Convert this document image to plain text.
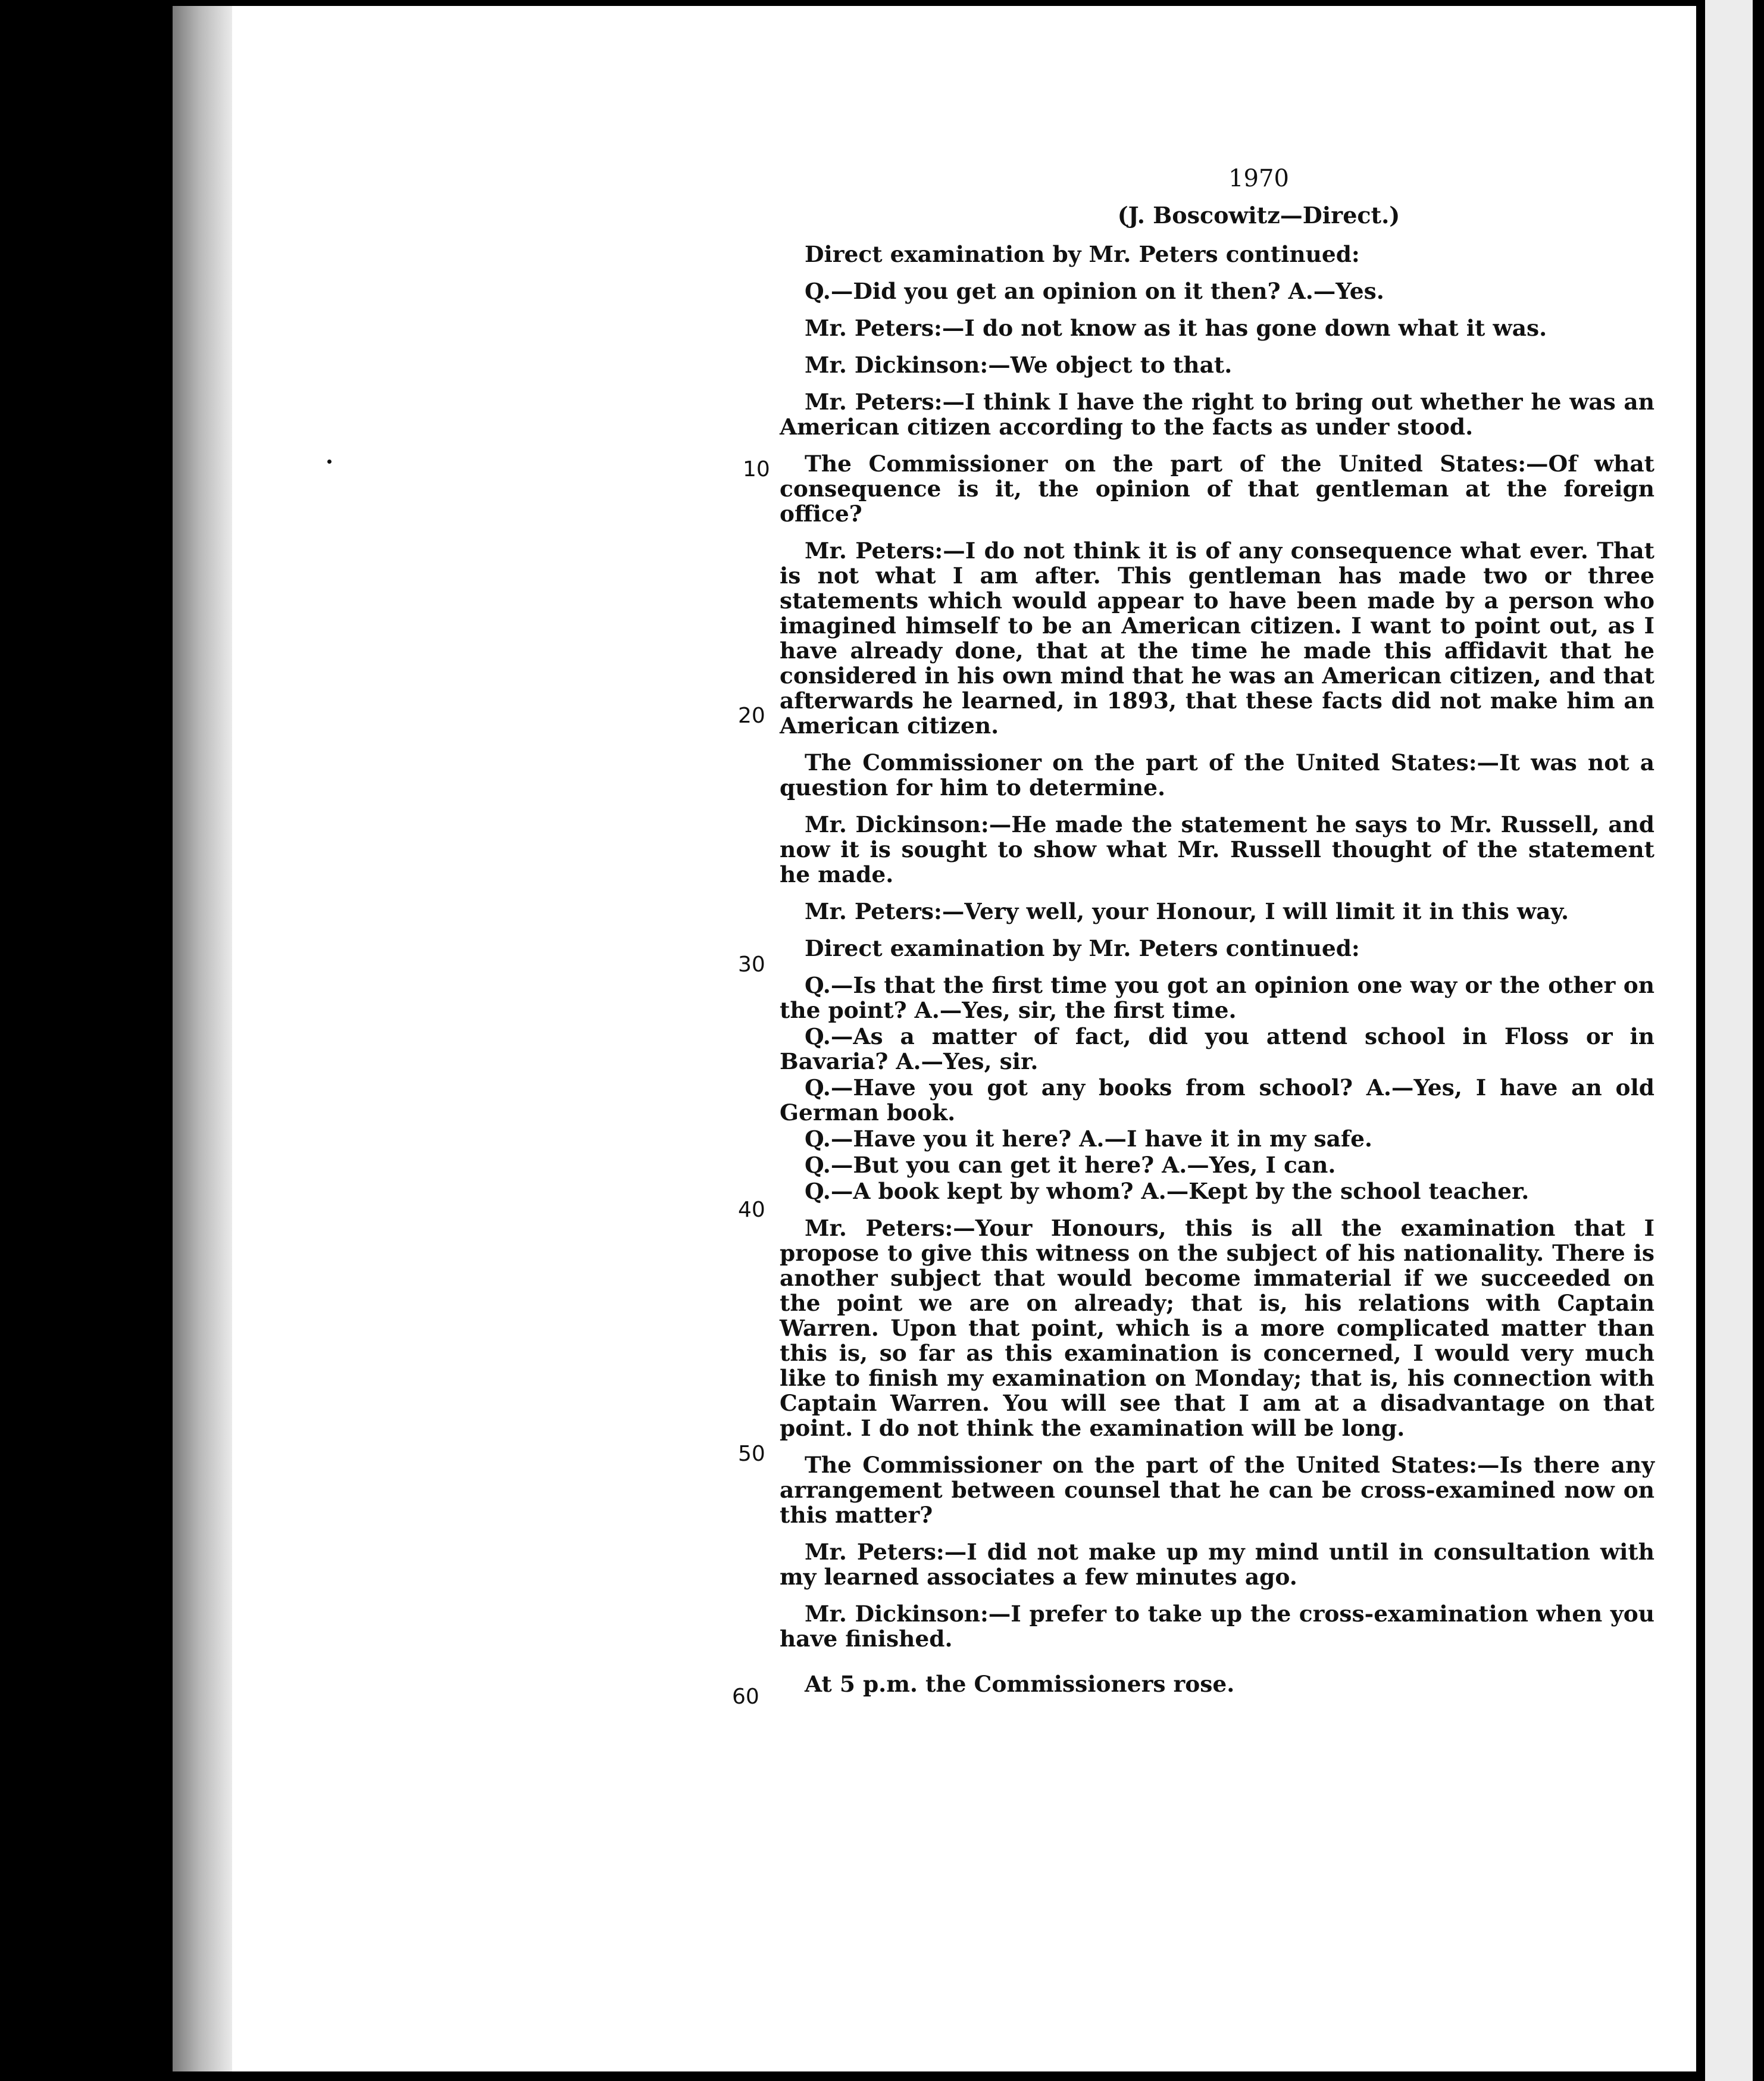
1970
(J. Boscowitz—Direct.)

Direct examination by Mr. Peters continued:

Q.—Did you get an opinion on it then? A.—Yes.

Mr. Peters:—I do not know as it has gone down what it was.

Mr. Dickinson:—We object to that.

Mr. Peters:—I think I have the right to bring out whether he was an American citizen according to the facts as under stood.

The Commissioner on the part of the United States:—Of what consequence is it, the opinion of that gentleman at the foreign office?

Mr. Peters:—I do not think it is of any consequence what ever. That is not what I am after. This gentleman has made two or three statements which would appear to have been made by a person who imagined himself to be an American citizen. I want to point out, as I have already done, that at the time he made this affidavit that he considered in his own mind that he was an American citizen, and that afterwards he learned, in 1893, that these facts did not make him an American citizen.

The Commissioner on the part of the United States:—It was not a question for him to determine.

Mr. Dickinson:—He made the statement he says to Mr. Russell, and now it is sought to show what Mr. Russell thought of the statement he made.

Mr. Peters:—Very well, your Honour, I will limit it in this way.

Direct examination by Mr. Peters continued:

Q.—Is that the first time you got an opinion one way or the other on the point? A.—Yes, sir, the first time.

Q.—As a matter of fact, did you attend school in Floss or in Bavaria? A.—Yes, sir.

Q.—Have you got any books from school? A.—Yes, I have an old German book.

Q.—Have you it here? A.—I have it in my safe.

Q.—But you can get it here? A.—Yes, I can.

Q.—A book kept by whom? A.—Kept by the school teacher.

Mr. Peters:—Your Honours, this is all the examination that I propose to give this witness on the subject of his nationality. There is another subject that would become immaterial if we succeeded on the point we are on already; that is, his relations with Captain Warren. Upon that point, which is a more complicated matter than this is, so far as this examination is concerned, I would very much like to finish my examination on Monday; that is, his connection with Captain Warren. You will see that I am at a disadvantage on that point. I do not think the examination will be long.

The Commissioner on the part of the United States:—Is there any arrangement between counsel that he can be cross-examined now on this matter?

Mr. Peters:—I did not make up my mind until in consultation with my learned associates a few minutes ago.

Mr. Dickinson:—I prefer to take up the cross-examination when you have finished.

At 5 p.m. the Commissioners rose.

10
20
30
40
50
60
